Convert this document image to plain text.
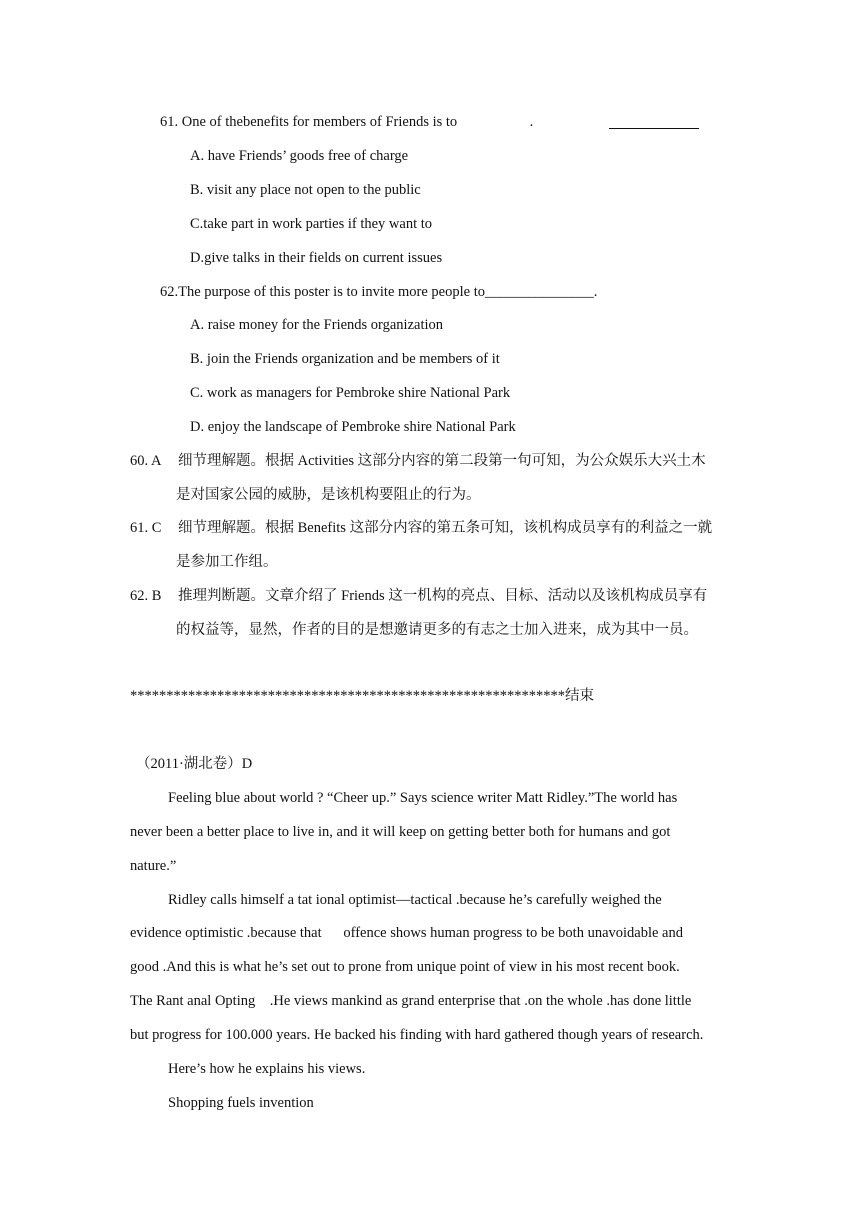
61. One of thebenefits for members of Friends is to                    .
A. have Friends’ goods free of charge
B. visit any place not open to the public
C.take part in work parties if they want to
D.give talks in their fields on current issues
62.The purpose of this poster is to invite more people to_______________.
A. raise money for the Friends organization
B. join the Friends organization and be members of it
C. work as managers for Pembroke shire National Park
D. enjoy the landscape of Pembroke shire National Park
60. A 细节理解题。根据 Activities 这部分内容的第二段第一句可知，为公众娱乐大兴土木
是对国家公园的威胁，是该机构要阻止的行为。
61. C 细节理解题。根据 Benefits 这部分内容的第五条可知，该机构成员享有的利益之一就
是参加工作组。
62. B 推理判断题。文章介绍了 Friends 这一机构的亮点、目标、活动以及该机构成员享有
的权益等，显然，作者的目的是想邀请更多的有志之士加入进来，成为其中一员。
************************************************************结束
（2011·湖北卷）D
Feeling blue about world ? “Cheer up.” Says science writer Matt Ridley.”The world has
never been a better place to live in, and it will keep on getting better both for humans and got
nature.”
Ridley calls himself a tat ional optimist—tactical .because he’s carefully weighed the
evidence optimistic .because that      offence shows human progress to be both unavoidable and
good .And this is what he’s set out to prone from unique point of view in his most recent book.
The Rant anal Opting    .He views mankind as grand enterprise that .on the whole .has done little
but progress for 100.000 years. He backed his finding with hard gathered though years of research.
Here’s how he explains his views.
Shopping fuels invention
